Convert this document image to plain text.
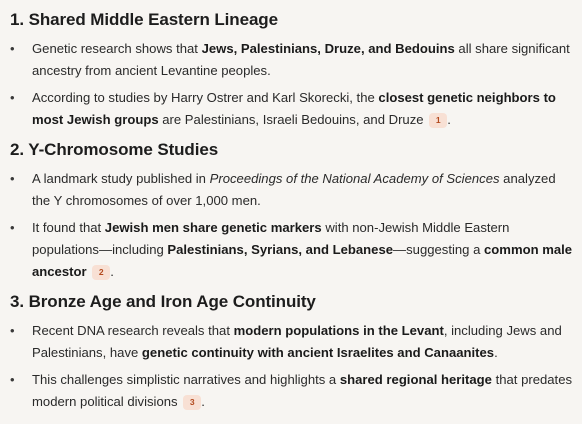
1. Shared Middle Eastern Lineage
•	Genetic research shows that Jews, Palestinians, Druze, and Bedouins all share significant ancestry from ancient Levantine peoples.
•	According to studies by Harry Ostrer and Karl Skorecki, the closest genetic neighbors to most Jewish groups are Palestinians, Israeli Bedouins, and Druze 1 .
2. Y-Chromosome Studies
•	A landmark study published in Proceedings of the National Academy of Sciences analyzed the Y chromosomes of over 1,000 men.
•	It found that Jewish men share genetic markers with non-Jewish Middle Eastern populations—including Palestinians, Syrians, and Lebanese—suggesting a common male ancestor 2 .
3. Bronze Age and Iron Age Continuity
•	Recent DNA research reveals that modern populations in the Levant, including Jews and Palestinians, have genetic continuity with ancient Israelites and Canaanites.
•	This challenges simplistic narratives and highlights a shared regional heritage that predates modern political divisions 3 .
